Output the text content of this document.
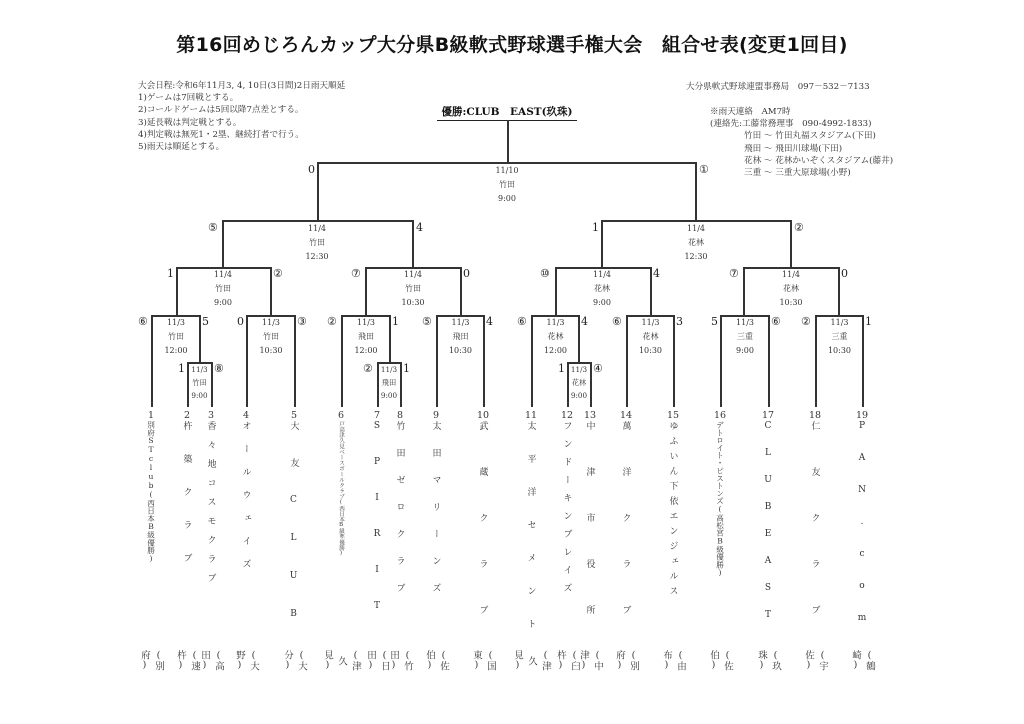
第16回めじろんカップ大分県B級軟式野球選手権大会　組合せ表(変更1回目)
大会日程:令和6年11月3, 4, 10日(3日間)2日雨天順延
1)ゲームは7回戦とする。
2)コールドゲームは5回以降7点差とする。
3)延長戦は判定戦とする。
4)判定戦は無死1・2塁、継続打者で行う。
5)雨天は順延とする。
大分県軟式野球連盟事務局　097－532－7133
※雨天連絡　AM7時
(連絡先:工藤常務理事　090-4992-1833)
竹田 ～ 竹田丸福スタジアム(下田)
飛田 ～ 飛田川球場(下田)
花林 ～ 花林かいぞくスタジアム(藤井)
三重 ～ 三重大原球場(小野)
優勝:CLUB　EAST(玖珠)
11/10
竹田
9:00
0	①
11/4
竹田
12:30
⑤	4	11/4
花林
12:30
1	②
11/4
竹田
9:00
1	②	11/4
竹田
10:30
⑦	0	11/4
花林
9:00
⑩	4	11/4
花林
10:30
⑦	0
11/3
竹田
12:00
⑥	5	11/3
竹田
10:30
0	③	11/3
飛田
12:00
②	1	11/3
飛田
10:30
⑤	4	11/3
花林
12:00
⑥	4	11/3
花林
10:30
⑥	3	11/3
三重
9:00
5	⑥	11/3
三重
10:30
②	1
11/3
竹田
9:00
1	⑧	11/3
飛田
9:00
②	1	11/3
花林
9:00
1	④
1
別府STclub(西日本B級優勝)
(別府)
2
杵築クラブ
(速杵)
3
香々地コスモクラブ
(高田)
4
オールウェイズ
(大野)
5
大友CLUB
(大分)
6
戸高津久見ベースボールクラブ(西日本B級準優勝)
(津久見)
7
SPIRIT
(日田)
8
竹田ゼロクラブ
(竹田)
9
太田マリーンズ
(佐伯)
10
武蔵クラブ
(国東)
11
太平洋セメント
(津久見)
12
フンドーキンブレイズ
(臼杵)
13
中津市役所
(中津)
14
萬洋クラブ
(別府)
15
ゆふいん下依エンジェルス
(由布)
16
デトロイト・ピストンズ(高松宮B級優勝)
(佐伯)
17
CLUBEAST
(玖珠)
18
仁友クラブ
(宇佐)
19
PAN.com
(鶴崎)
